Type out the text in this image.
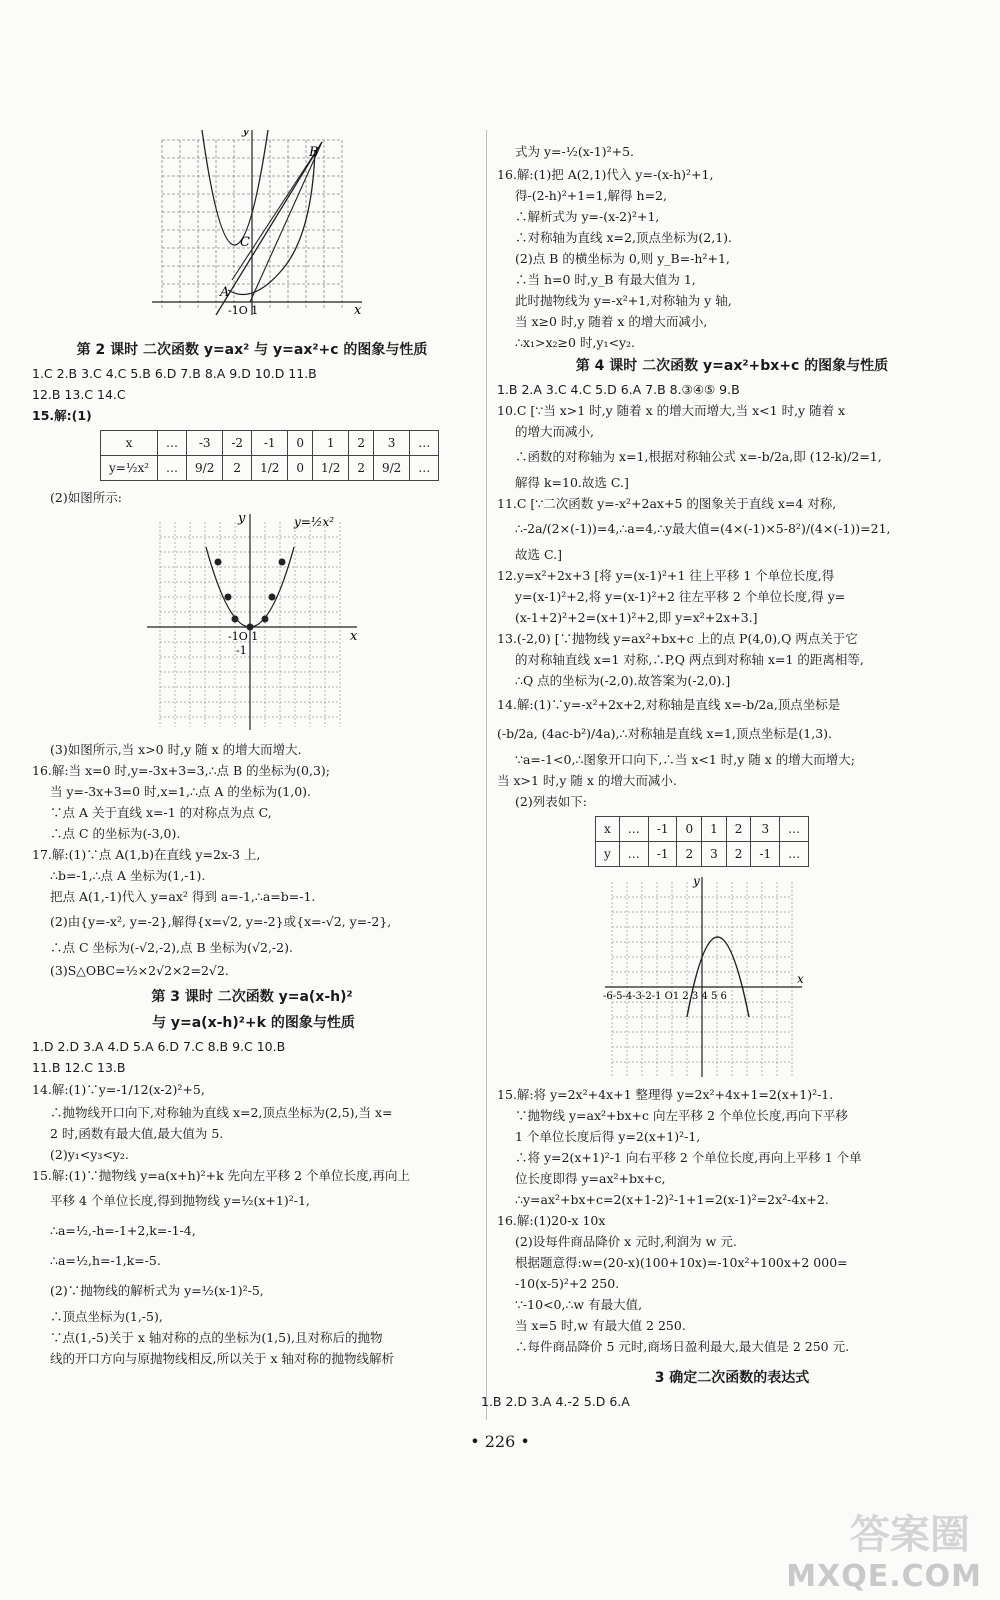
y
x
B
C
A
-1O 1
第 2 课时 二次函数 y=ax² 与 y=ax²+c 的图象与性质
1.C 2.B 3.C 4.C 5.B 6.D 7.B 8.A 9.D 10.D 11.B
12.B 13.C 14.C
15.解:(1)
x	…	-3	-2	-1	0	1	2	3	…
y=½x²	…	9/2	2	1/2	0	1/2	2	9/2	…
(2)如图所示:
y
x
y=½x²
-1O 1
-1
(3)如图所示,当 x>0 时,y 随 x 的增大而增大.
16.解:当 x=0 时,y=-3x+3=3,∴点 B 的坐标为(0,3);
当 y=-3x+3=0 时,x=1,∴点 A 的坐标为(1,0).
∵点 A 关于直线 x=-1 的对称点为点 C,
∴点 C 的坐标为(-3,0).
17.解:(1)∵点 A(1,b)在直线 y=2x-3 上,
∴b=-1,∴点 A 坐标为(1,-1).
把点 A(1,-1)代入 y=ax² 得到 a=-1,∴a=b=-1.
(2)由{y=-x², y=-2},解得{x=√2, y=-2}或{x=-√2, y=-2},
∴点 C 坐标为(-√2,-2),点 B 坐标为(√2,-2).
(3)S△OBC=½×2√2×2=2√2.
第 3 课时 二次函数 y=a(x-h)²
与 y=a(x-h)²+k 的图象与性质
1.D 2.D 3.A 4.D 5.A 6.D 7.C 8.B 9.C 10.B
11.B 12.C 13.B
14.解:(1)∵y=-1/12(x-2)²+5,
∴抛物线开口向下,对称轴为直线 x=2,顶点坐标为(2,5),当 x=
2 时,函数有最大值,最大值为 5.
(2)y₁<y₃<y₂.
15.解:(1)∵抛物线 y=a(x+h)²+k 先向左平移 2 个单位长度,再向上
平移 4 个单位长度,得到抛物线 y=½(x+1)²-1,
∴a=½,-h=-1+2,k=-1-4,
∴a=½,h=-1,k=-5.
(2)∵抛物线的解析式为 y=½(x-1)²-5,
∴顶点坐标为(1,-5),
∵点(1,-5)关于 x 轴对称的点的坐标为(1,5),且对称后的抛物
线的开口方向与原抛物线相反,所以关于 x 轴对称的抛物线解析
式为 y=-½(x-1)²+5.
16.解:(1)把 A(2,1)代入 y=-(x-h)²+1,
得-(2-h)²+1=1,解得 h=2,
∴解析式为 y=-(x-2)²+1,
∴对称轴为直线 x=2,顶点坐标为(2,1).
(2)点 B 的横坐标为 0,则 y_B=-h²+1,
∴当 h=0 时,y_B 有最大值为 1,
此时抛物线为 y=-x²+1,对称轴为 y 轴,
当 x≥0 时,y 随着 x 的增大而减小,
∴x₁>x₂≥0 时,y₁<y₂.
第 4 课时 二次函数 y=ax²+bx+c 的图象与性质
1.B 2.A 3.C 4.C 5.D 6.A 7.B 8.③④⑤ 9.B
10.C [∵当 x>1 时,y 随着 x 的增大而增大,当 x<1 时,y 随着 x
的增大而减小,
∴函数的对称轴为 x=1,根据对称轴公式 x=-b/2a,即 (12-k)/2=1,
解得 k=10.故选 C.]
11.C [∵二次函数 y=-x²+2ax+5 的图象关于直线 x=4 对称,
∴-2a/(2×(-1))=4,∴a=4,∴y最大值=(4×(-1)×5-8²)/(4×(-1))=21,
故选 C.]
12.y=x²+2x+3 [将 y=(x-1)²+1 往上平移 1 个单位长度,得
y=(x-1)²+2,将 y=(x-1)²+2 往左平移 2 个单位长度,得 y=
(x-1+2)²+2=(x+1)²+2,即 y=x²+2x+3.]
13.(-2,0) [∵抛物线 y=ax²+bx+c 上的点 P(4,0),Q 两点关于它
的对称轴直线 x=1 对称,∴P,Q 两点到对称轴 x=1 的距离相等,
∴Q 点的坐标为(-2,0).故答案为(-2,0).]
14.解:(1)∵y=-x²+2x+2,对称轴是直线 x=-b/2a,顶点坐标是
(-b/2a, (4ac-b²)/4a),∴对称轴是直线 x=1,顶点坐标是(1,3).
∵a=-1<0,∴图象开口向下,∴当 x<1 时,y 随 x 的增大而增大;
当 x>1 时,y 随 x 的增大而减小.
(2)列表如下:
x	…	-1	0	1	2	3	…
y	…	-1	2	3	2	-1	…
y
x
-6-5-4-3-2-1 O1 2 3 4 5 6
15.解:将 y=2x²+4x+1 整理得 y=2x²+4x+1=2(x+1)²-1.
∵抛物线 y=ax²+bx+c 向左平移 2 个单位长度,再向下平移
1 个单位长度后得 y=2(x+1)²-1,
∴将 y=2(x+1)²-1 向右平移 2 个单位长度,再向上平移 1 个单
位长度即得 y=ax²+bx+c,
∴y=ax²+bx+c=2(x+1-2)²-1+1=2(x-1)²=2x²-4x+2.
16.解:(1)20-x 10x
(2)设每件商品降价 x 元时,利润为 w 元.
根据题意得:w=(20-x)(100+10x)=-10x²+100x+2 000=
-10(x-5)²+2 250.
∵-10<0,∴w 有最大值,
当 x=5 时,w 有最大值 2 250.
∴每件商品降价 5 元时,商场日盈利最大,最大值是 2 250 元.
3 确定二次函数的表达式
1.B 2.D 3.A 4.-2 5.D 6.A
• 226 •
答案圈
MXQE.COM
